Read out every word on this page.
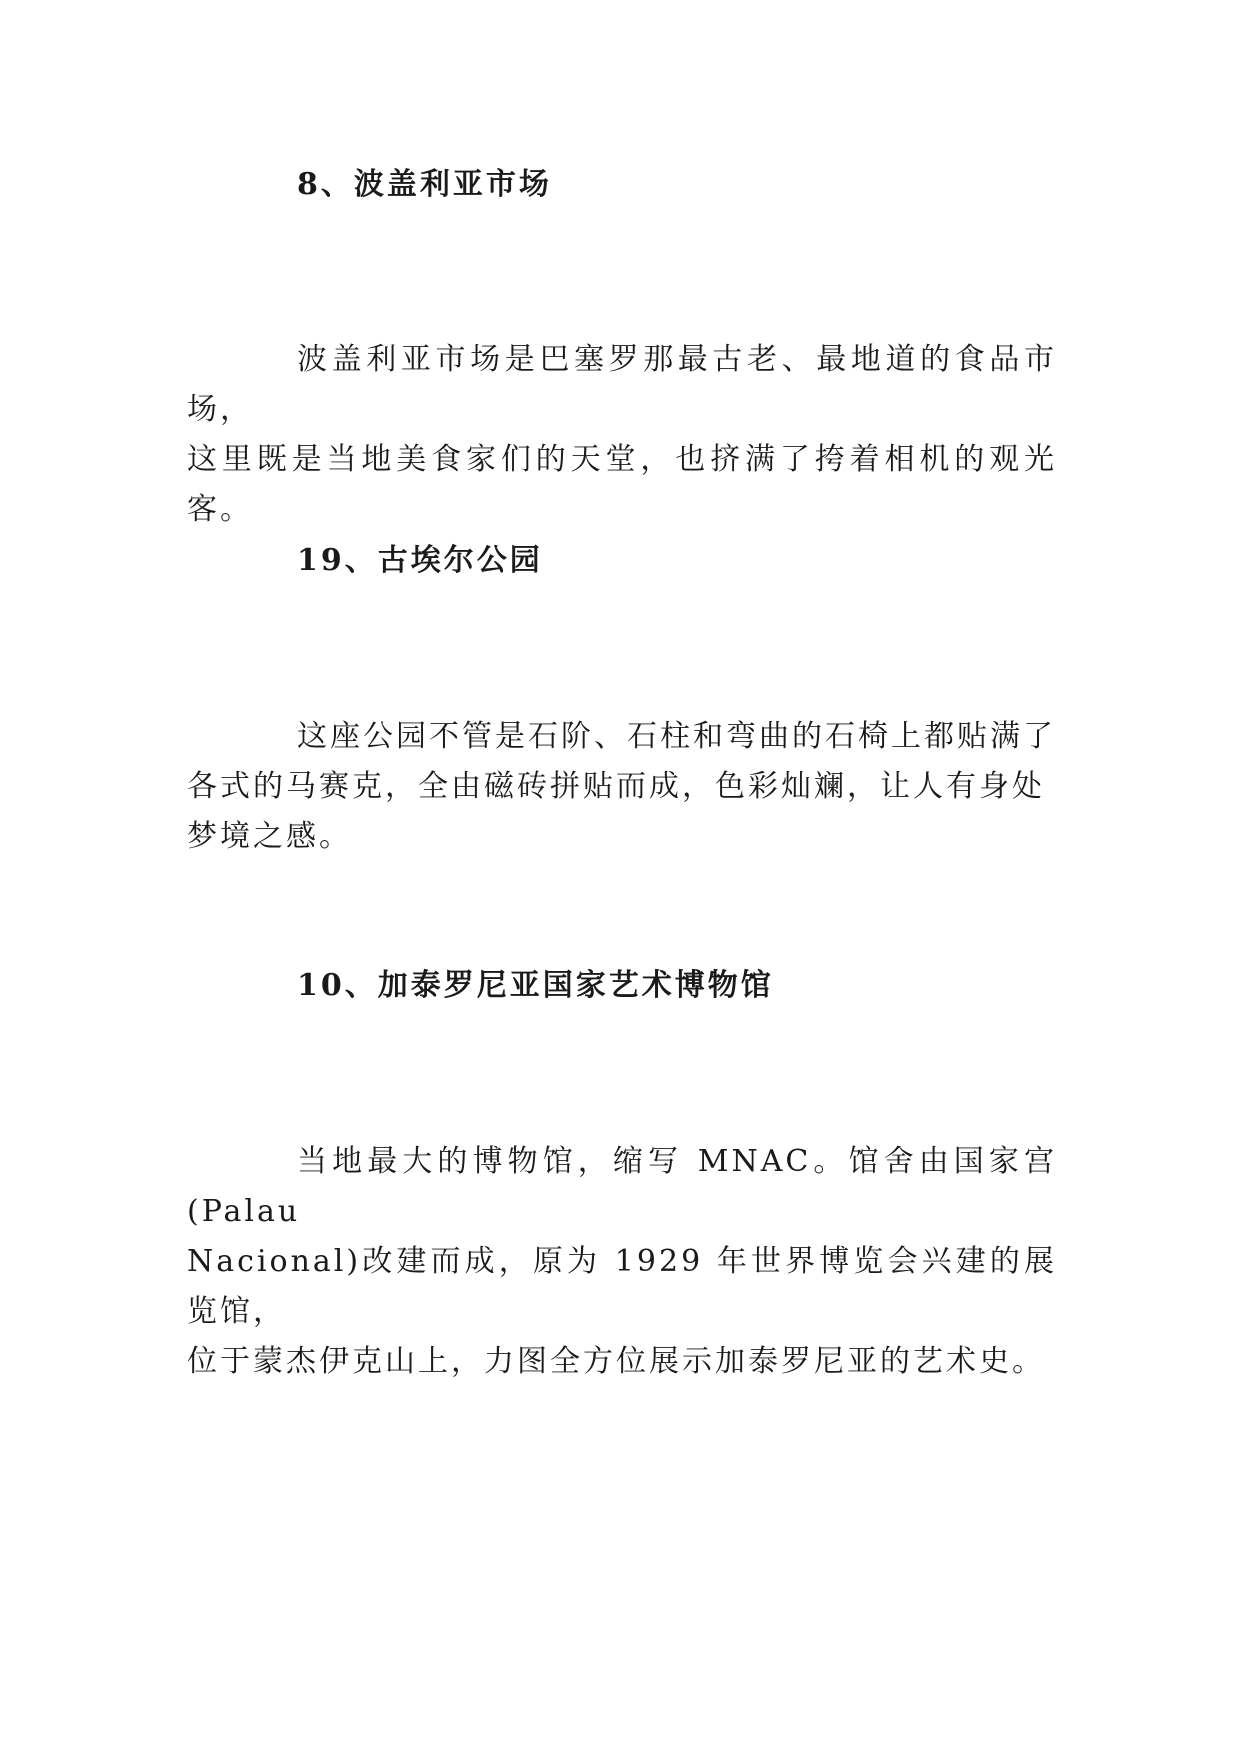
8、波盖利亚市场

波盖利亚市场是巴塞罗那最古老、最地道的食品市场，
这里既是当地美食家们的天堂，也挤满了挎着相机的观光客。

19、古埃尔公园

这座公园不管是石阶、石柱和弯曲的石椅上都贴满了
各式的马赛克，全由磁砖拼贴而成，色彩灿斓，让人有身处
梦境之感。

10、加泰罗尼亚国家艺术博物馆

当地最大的博物馆，缩写 MNAC。馆舍由国家宫(Palau
Nacional)改建而成，原为 1929 年世界博览会兴建的展览馆，
位于蒙杰伊克山上，力图全方位展示加泰罗尼亚的艺术史。
